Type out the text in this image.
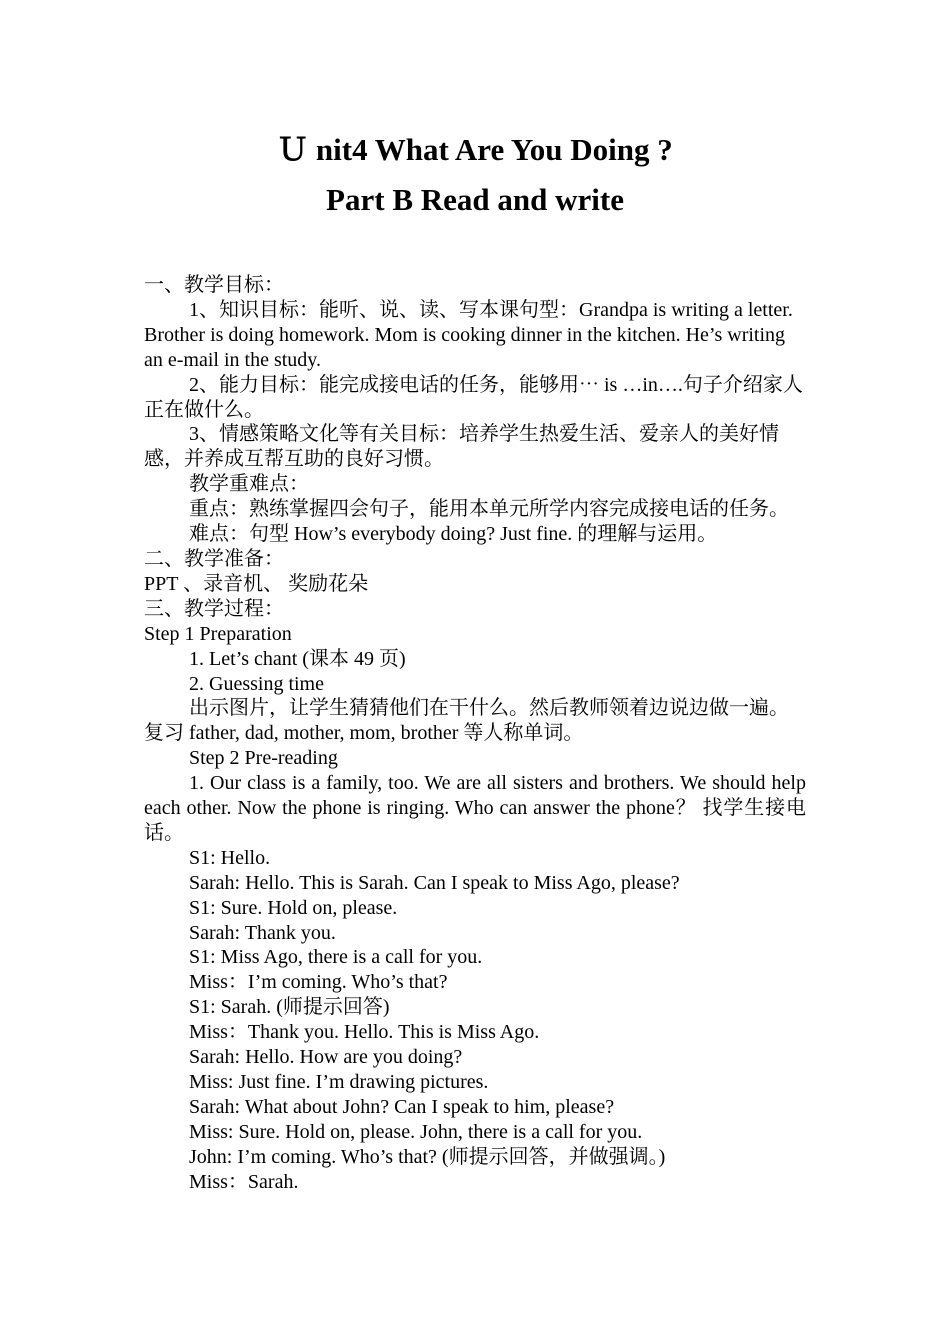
Ｕ nit4 What Are You Doing ?
Part B Read and write

一、教学目标：

1、知识目标：能听、说、读、写本课句型：Grandpa is writing a letter. Brother is doing homework. Mom is cooking dinner in the kitchen. He’s writing an e-mail in the study.

2、能力目标：能完成接电话的任务，能够用⋯ is …in….句子介绍家人正在做什么。

3、情感策略文化等有关目标：培养学生热爱生活、爱亲人的美好情感，并养成互帮互助的良好习惯。

教学重难点：

重点：熟练掌握四会句子，能用本单元所学内容完成接电话的任务。

难点：句型 How’s everybody doing? Just fine. 的理解与运用。

二、教学准备：

PPT 、录音机、 奖励花朵

三、教学过程：

Step 1 Preparation

1. Let’s chant (课本 49 页)

2. Guessing time

出示图片，让学生猜猜他们在干什么。然后教师领着边说边做一遍。复习 father, dad, mother, mom, brother 等人称单词。

Step 2 Pre-reading

1. Our class is a family, too. We are all sisters and brothers. We should help each other. Now the phone is ringing. Who can answer the phone？ 找学生接电话。

S1: Hello.

Sarah: Hello. This is Sarah. Can I speak to Miss Ago, please?

S1: Sure. Hold on, please.

Sarah: Thank you.

S1: Miss Ago, there is a call for you.

Miss：I’m coming. Who’s that?

S1: Sarah. (师提示回答)

Miss：Thank you. Hello. This is Miss Ago.

Sarah: Hello. How are you doing?

Miss: Just fine. I’m drawing pictures.

Sarah: What about John? Can I speak to him, please?

Miss: Sure. Hold on, please. John, there is a call for you.

John: I’m coming. Who’s that? (师提示回答，并做强调。)

Miss：Sarah.
